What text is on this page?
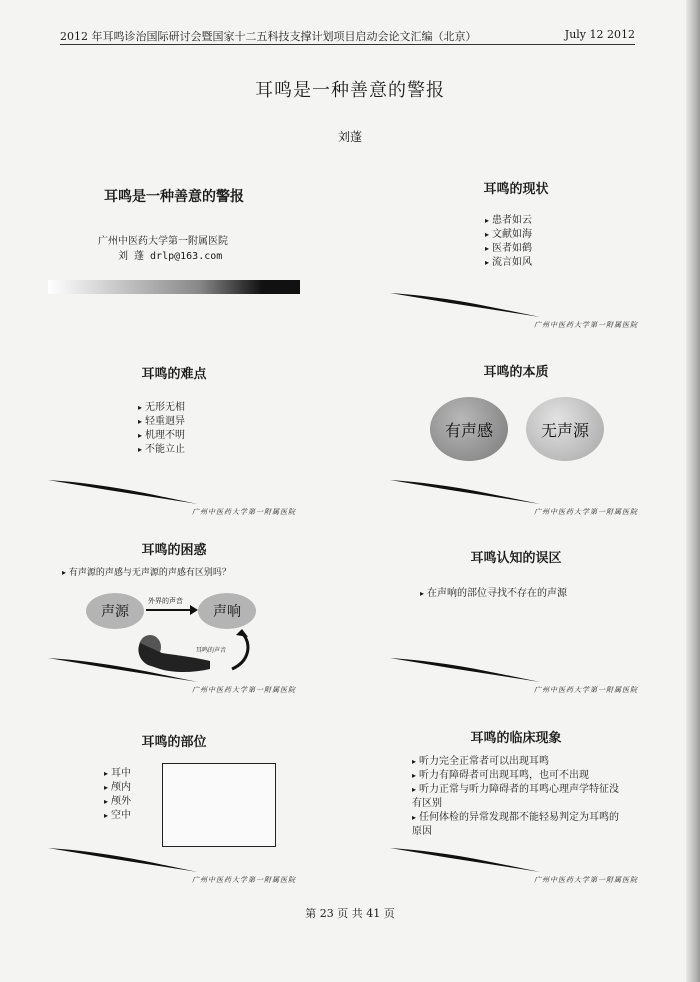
2012 年耳鸣诊治国际研讨会暨国家十二五科技支撑计划项目启动会论文汇编（北京）	July 12 2012
耳鸣是一种善意的警报
刘蓬
耳鸣是一种善意的警报
广州中医药大学第一附属医院
刘 蓬 drlp@163.com
耳鸣的现状
▸ 患者如云
▸ 文献如海
▸ 医者如鹤
▸ 流言如风
广州中医药大学第一附属医院
耳鸣的难点
▸ 无形无相
▸ 轻重迥异
▸ 机理不明
▸ 不能立止
广州中医药大学第一附属医院
耳鸣的本质
有声感	无声源
广州中医药大学第一附属医院
耳鸣的困惑
▸ 有声源的声感与无声源的声感有区别吗？
声源
外界的声音
声响
耳鸣的声音
广州中医药大学第一附属医院
耳鸣认知的误区
▸ 在声响的部位寻找不存在的声源
广州中医药大学第一附属医院
耳鸣的部位
▸ 耳中
▸ 颅内
▸ 颅外
▸ 空中
广州中医药大学第一附属医院
耳鸣的临床现象
▸ 听力完全正常者可以出现耳鸣
▸ 听力有障碍者可出现耳鸣，也可不出现
▸ 听力正常与听力障碍者的耳鸣心理声学特征没有区别
▸ 任何体检的异常发现都不能轻易判定为耳鸣的原因
广州中医药大学第一附属医院
第 23 页 共 41 页
